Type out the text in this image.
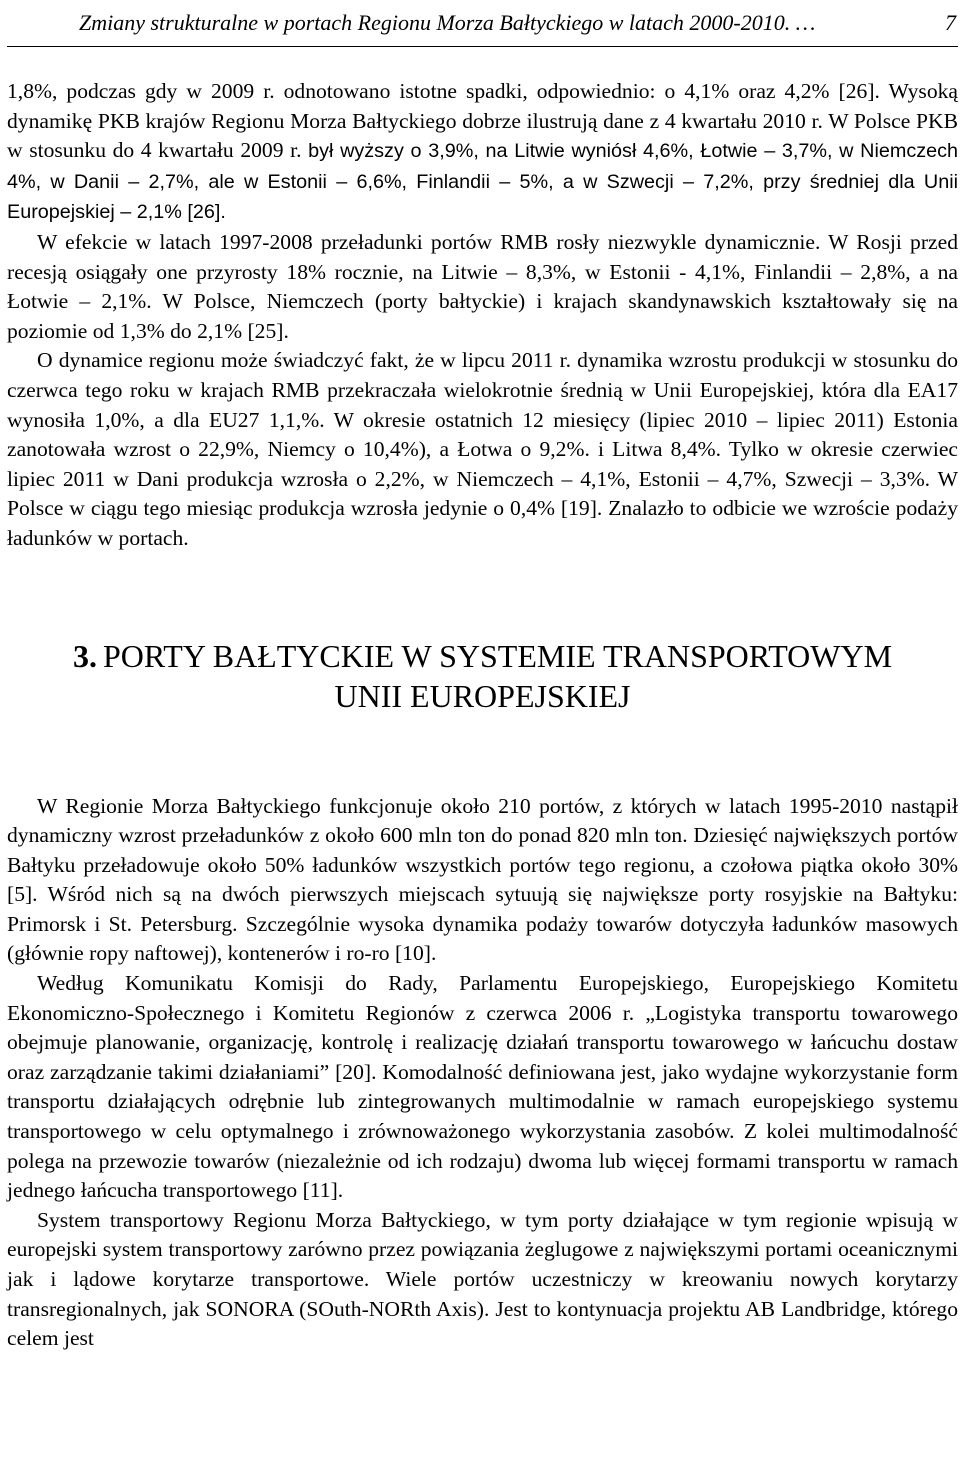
Zmiany strukturalne w portach Regionu Morza Bałtyckiego w latach 2000-2010. …	7

1,8%, podczas gdy w 2009 r. odnotowano istotne spadki, odpowiednio: o 4,1% oraz 4,2% [26]. Wysoką dynamikę PKB krajów Regionu Morza Bałtyckiego dobrze ilustrują dane z 4 kwartału 2010 r. W Polsce PKB w stosunku do 4 kwartału 2009 r. był wyższy o 3,9%, na Litwie wyniósł 4,6%, Łotwie – 3,7%, w Niemczech 4%, w Danii – 2,7%, ale w Estonii – 6,6%, Finlandii – 5%, a w Szwecji – 7,2%, przy średniej dla Unii Europejskiej – 2,1% [26].

W efekcie w latach 1997-2008 przeładunki portów RMB rosły niezwykle dynamicznie. W Rosji przed recesją osiągały one przyrosty 18% rocznie, na Litwie – 8,3%, w Estonii - 4,1%, Finlandii – 2,8%, a na Łotwie – 2,1%. W Polsce, Niemczech (porty bałtyckie) i krajach skandynawskich kształtowały się na poziomie od 1,3% do 2,1% [25].

O dynamice regionu może świadczyć fakt, że w lipcu 2011 r. dynamika wzrostu produkcji w stosunku do czerwca tego roku w krajach RMB przekraczała wielokrotnie średnią w Unii Europejskiej, która dla EA17 wynosiła 1,0%, a dla EU27 1,1,%. W okresie ostatnich 12 miesięcy (lipiec 2010 – lipiec 2011) Estonia zanotowała wzrost o 22,9%, Niemcy o 10,4%), a Łotwa o 9,2%. i Litwa 8,4%. Tylko w okresie czerwiec lipiec 2011 w Dani produkcja wzrosła o 2,2%, w Niemczech – 4,1%, Estonii – 4,7%, Szwecji – 3,3%. W Polsce w ciągu tego miesiąc produkcja wzrosła jedynie o 0,4% [19]. Znalazło to odbicie we wzroście podaży ładunków w portach.

3. PORTY BAŁTYCKIE W SYSTEMIE TRANSPORTOWYM
UNII EUROPEJSKIEJ

W Regionie Morza Bałtyckiego funkcjonuje około 210 portów, z których w latach 1995-2010 nastąpił dynamiczny wzrost przeładunków z około 600 mln ton do ponad 820 mln ton. Dziesięć największych portów Bałtyku przeładowuje około 50% ładunków wszystkich portów tego regionu, a czołowa piątka około 30% [5]. Wśród nich są na dwóch pierwszych miejscach sytuują się największe porty rosyjskie na Bałtyku: Primorsk i St. Petersburg. Szczególnie wysoka dynamika podaży towarów dotyczyła ładunków masowych (głównie ropy naftowej), kontenerów i ro-ro [10].

Według Komunikatu Komisji do Rady, Parlamentu Europejskiego, Europejskiego Komitetu Ekonomiczno-Społecznego i Komitetu Regionów z czerwca 2006 r. „Logistyka transportu towarowego obejmuje planowanie, organizację, kontrolę i realizację działań transportu towarowego w łańcuchu dostaw oraz zarządzanie takimi działaniami” [20]. Komodalność definiowana jest, jako wydajne wykorzystanie form transportu działających odrębnie lub zintegrowanych multimodalnie w ramach europejskiego systemu transportowego w celu optymalnego i zrównoważonego wykorzystania zasobów. Z kolei multimodalność polega na przewozie towarów (niezależnie od ich rodzaju) dwoma lub więcej formami transportu w ramach jednego łańcucha transportowego [11].

System transportowy Regionu Morza Bałtyckiego, w tym porty działające w tym regionie wpisują w europejski system transportowy zarówno przez powiązania żeglugowe z największymi portami oceanicznymi jak i lądowe korytarze transportowe. Wiele portów uczestniczy w kreowaniu nowych korytarzy transregionalnych, jak SONORA (SOuth-NORth Axis). Jest to kontynuacja projektu AB Landbridge, którego celem jest
